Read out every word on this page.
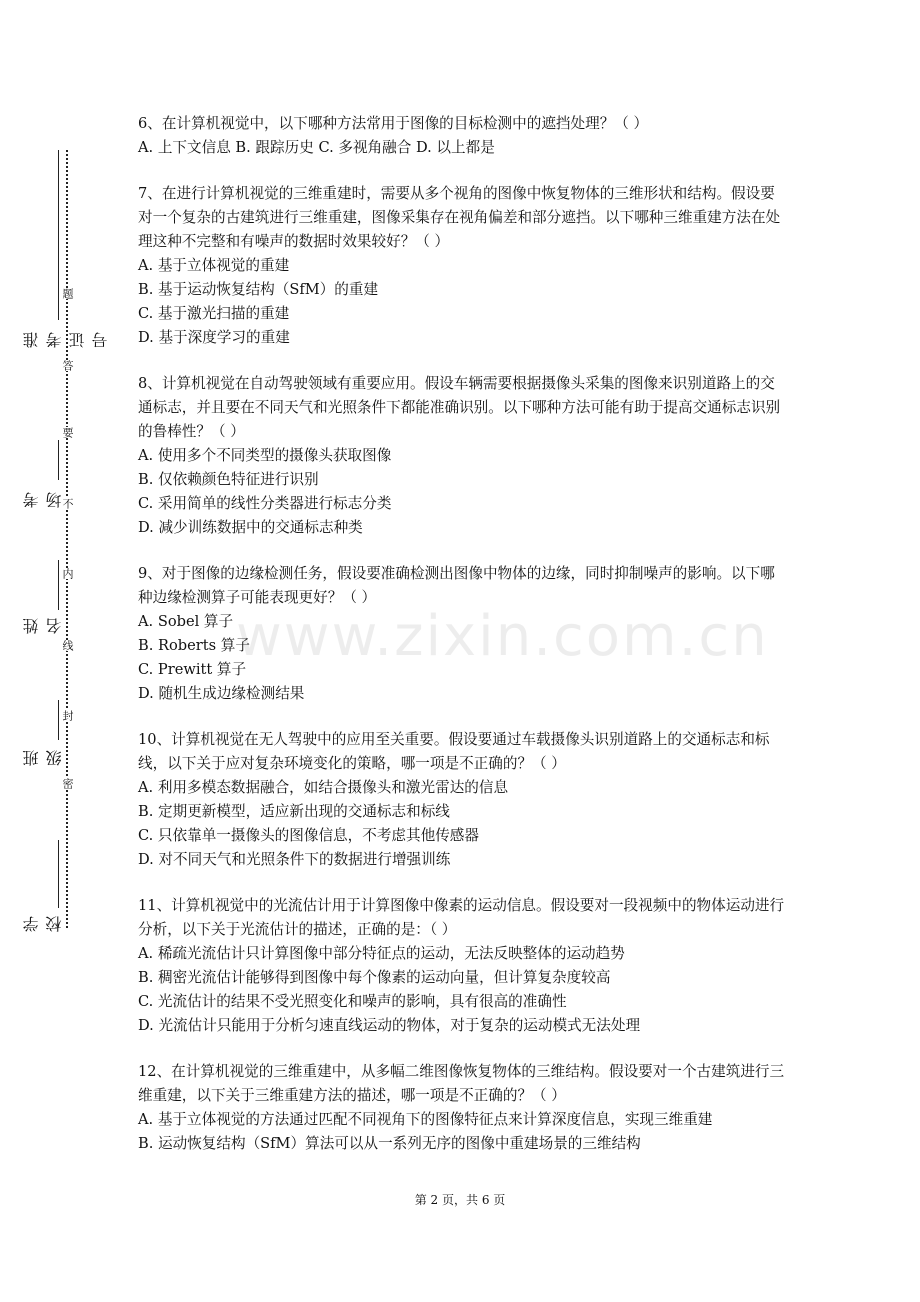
题
答
要
不
内
线
封
密
准考证号
考场
姓名
班级
学校
www.zixin.com.cn

6、在计算机视觉中，以下哪种方法常用于图像的目标检测中的遮挡处理？（ ）

A. 上下文信息 B. 跟踪历史 C. 多视角融合 D. 以上都是

7、在进行计算机视觉的三维重建时，需要从多个视角的图像中恢复物体的三维形状和结构。假设要对一个复杂的古建筑进行三维重建，图像采集存在视角偏差和部分遮挡。以下哪种三维重建方法在处理这种不完整和有噪声的数据时效果较好？（ ）

A. 基于立体视觉的重建

B. 基于运动恢复结构（SfM）的重建

C. 基于激光扫描的重建

D. 基于深度学习的重建

8、计算机视觉在自动驾驶领域有重要应用。假设车辆需要根据摄像头采集的图像来识别道路上的交通标志，并且要在不同天气和光照条件下都能准确识别。以下哪种方法可能有助于提高交通标志识别的鲁棒性？（ ）

A. 使用多个不同类型的摄像头获取图像

B. 仅依赖颜色特征进行识别

C. 采用简单的线性分类器进行标志分类

D. 减少训练数据中的交通标志种类

9、对于图像的边缘检测任务，假设要准确检测出图像中物体的边缘，同时抑制噪声的影响。以下哪种边缘检测算子可能表现更好？（ ）

A. Sobel 算子

B. Roberts 算子

C. Prewitt 算子

D. 随机生成边缘检测结果

10、计算机视觉在无人驾驶中的应用至关重要。假设要通过车载摄像头识别道路上的交通标志和标线，以下关于应对复杂环境变化的策略，哪一项是不正确的？（ ）

A. 利用多模态数据融合，如结合摄像头和激光雷达的信息

B. 定期更新模型，适应新出现的交通标志和标线

C. 只依靠单一摄像头的图像信息，不考虑其他传感器

D. 对不同天气和光照条件下的数据进行增强训练

11、计算机视觉中的光流估计用于计算图像中像素的运动信息。假设要对一段视频中的物体运动进行分析，以下关于光流估计的描述，正确的是：（ ）

A. 稀疏光流估计只计算图像中部分特征点的运动，无法反映整体的运动趋势

B. 稠密光流估计能够得到图像中每个像素的运动向量，但计算复杂度较高

C. 光流估计的结果不受光照变化和噪声的影响，具有很高的准确性

D. 光流估计只能用于分析匀速直线运动的物体，对于复杂的运动模式无法处理

12、在计算机视觉的三维重建中，从多幅二维图像恢复物体的三维结构。假设要对一个古建筑进行三维重建，以下关于三维重建方法的描述，哪一项是不正确的？（ ）

A. 基于立体视觉的方法通过匹配不同视角下的图像特征点来计算深度信息，实现三维重建

B. 运动恢复结构（SfM）算法可以从一系列无序的图像中重建场景的三维结构

第 2 页，共 6 页
